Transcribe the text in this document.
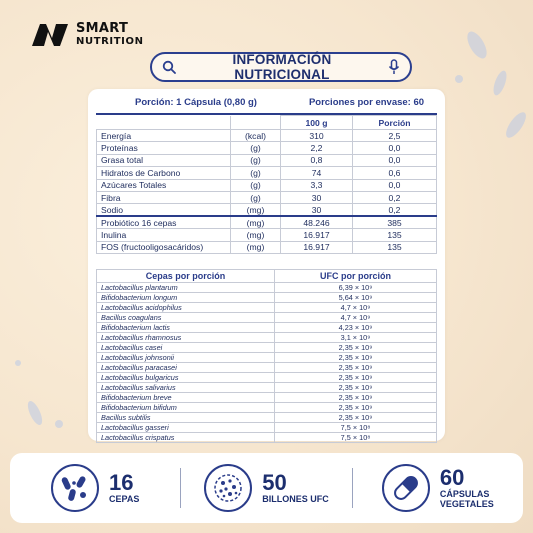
SMART
NUTRITION
INFORMACIÓN NUTRICIONAL
Porción: 1 Cápsula (0,80 g)	Porciones por envase: 60
		100 g	Porción
Energía	(kcal)	310	2,5
Proteínas	(g)	2,2	0,0
Grasa total	(g)	0,8	0,0
Hidratos de Carbono	(g)	74	0,6
Azúcares Totales	(g)	3,3	0,0
Fibra	(g)	30	0,2
Sodio	(mg)	30	0,2
Probiótico 16 cepas	(mg)	48.246	385
Inulina	(mg)	16.917	135
FOS (fructooligosacáridos)	(mg)	16.917	135
Cepas por porción	UFC por porción
Lactobacillus plantarum	6,39 × 10⁹
Bifidobacterium longum	5,64 × 10⁹
Lactobacillus acidophilus	4,7 × 10⁹
Bacillus coagulans	4,7 × 10⁹
Bifidobacterium lactis	4,23 × 10⁹
Lactobacillus rhamnosus	3,1 × 10⁹
Lactobacillus casei	2,35 × 10⁹
Lactobacillus johnsonii	2,35 × 10⁹
Lactobacillus paracasei	2,35 × 10⁹
Lactobacillus bulgaricus	2,35 × 10⁹
Lactobacillus salivarius	2,35 × 10⁹
Bifidobacterium breve	2,35 × 10⁹
Bifidobacterium bifidum	2,35 × 10⁹
Bacillus subtilis	2,35 × 10⁹
Lactobacillus gasseri	7,5 × 10⁸
Lactobacillus crispatus	7,5 × 10⁸
16
CEPAS
50
BILLONES UFC
60
CÁPSULAS
VEGETALES
